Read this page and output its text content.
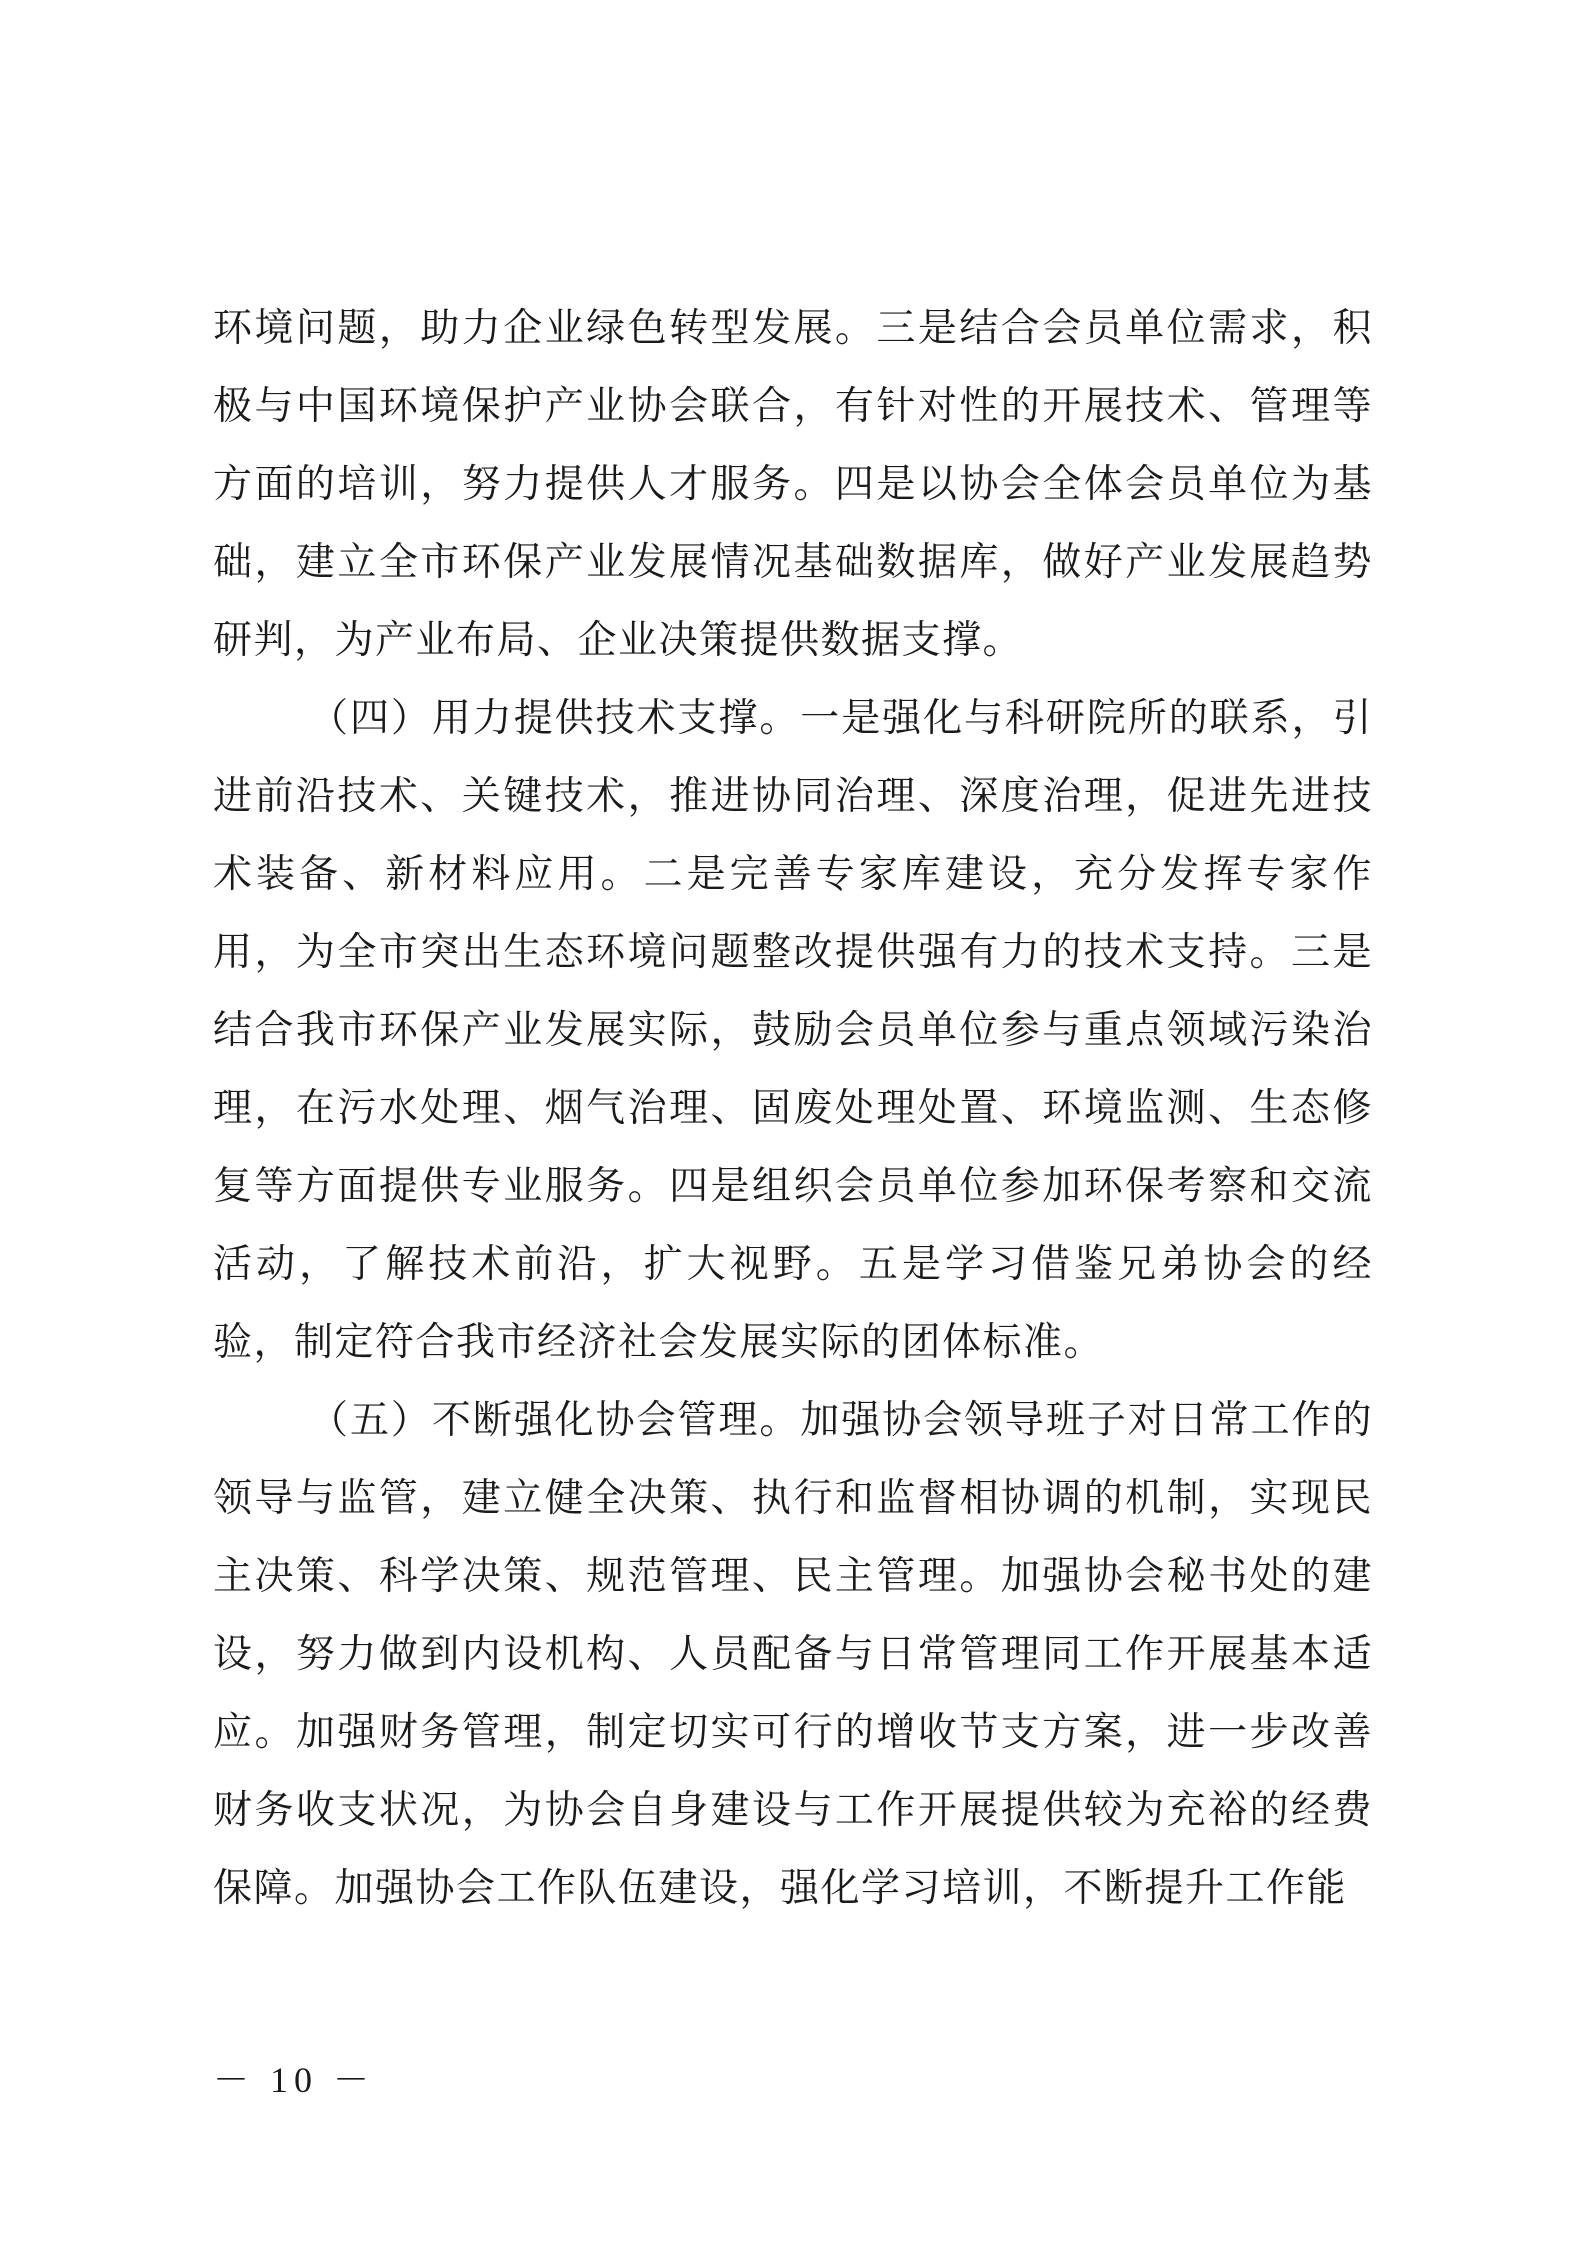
环境问题，助力企业绿色转型发展。三是结合会员单位需求，积极与中国环境保护产业协会联合，有针对性的开展技术、管理等方面的培训，努力提供人才服务。四是以协会全体会员单位为基础，建立全市环保产业发展情况基础数据库，做好产业发展趋势研判，为产业布局、企业决策提供数据支撑。

（四）用力提供技术支撑。一是强化与科研院所的联系，引进前沿技术、关键技术，推进协同治理、深度治理，促进先进技术装备、新材料应用。二是完善专家库建设，充分发挥专家作用，为全市突出生态环境问题整改提供强有力的技术支持。三是结合我市环保产业发展实际，鼓励会员单位参与重点领域污染治理，在污水处理、烟气治理、固废处理处置、环境监测、生态修复等方面提供专业服务。四是组织会员单位参加环保考察和交流活动，了解技术前沿，扩大视野。五是学习借鉴兄弟协会的经验，制定符合我市经济社会发展实际的团体标准。

（五）不断强化协会管理。加强协会领导班子对日常工作的领导与监管，建立健全决策、执行和监督相协调的机制，实现民主决策、科学决策、规范管理、民主管理。加强协会秘书处的建设，努力做到内设机构、人员配备与日常管理同工作开展基本适应。加强财务管理，制定切实可行的增收节支方案，进一步改善财务收支状况，为协会自身建设与工作开展提供较为充裕的经费保障。加强协会工作队伍建设，强化学习培训，不断提升工作能

－ 10 －
